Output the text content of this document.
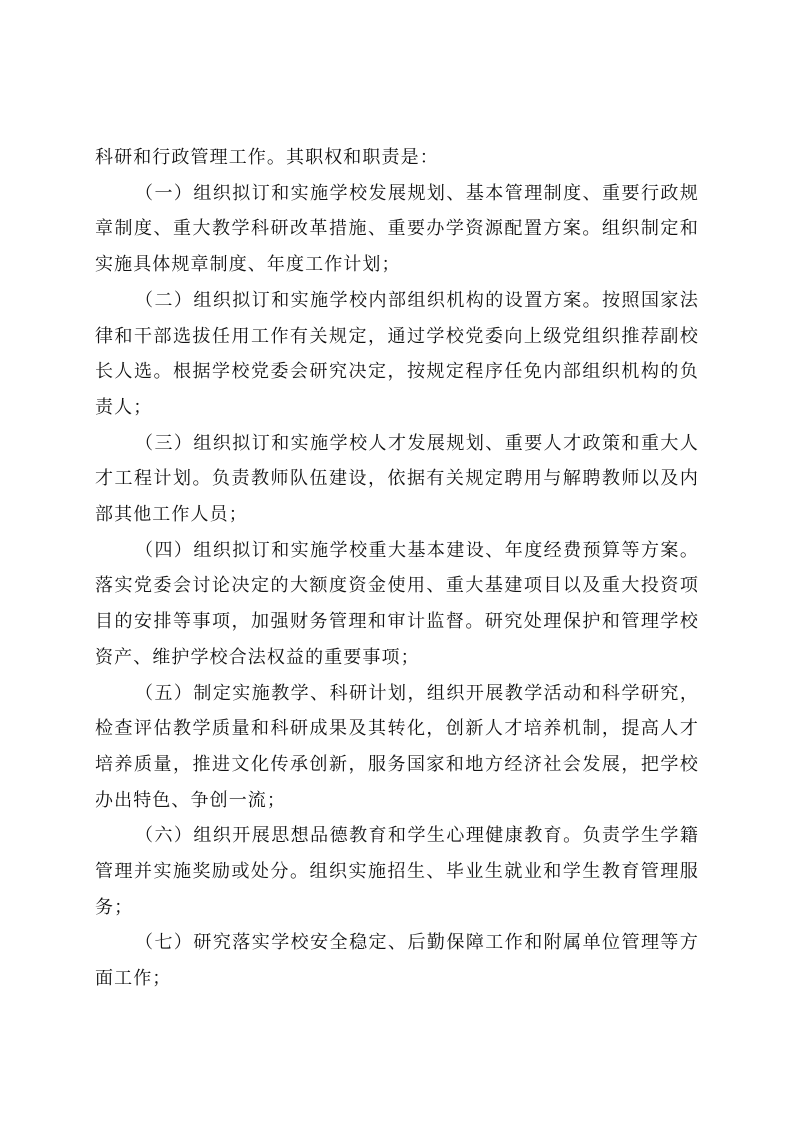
科研和行政管理工作。其职权和职责是：

（一）组织拟订和实施学校发展规划、基本管理制度、重要行政规章制度、重大教学科研改革措施、重要办学资源配置方案。组织制定和实施具体规章制度、年度工作计划；

（二）组织拟订和实施学校内部组织机构的设置方案。按照国家法律和干部选拔任用工作有关规定，通过学校党委向上级党组织推荐副校长人选。根据学校党委会研究决定，按规定程序任免内部组织机构的负责人；

（三）组织拟订和实施学校人才发展规划、重要人才政策和重大人才工程计划。负责教师队伍建设，依据有关规定聘用与解聘教师以及内部其他工作人员；

（四）组织拟订和实施学校重大基本建设、年度经费预算等方案。落实党委会讨论决定的大额度资金使用、重大基建项目以及重大投资项目的安排等事项，加强财务管理和审计监督。研究处理保护和管理学校资产、维护学校合法权益的重要事项；

（五）制定实施教学、科研计划，组织开展教学活动和科学研究，检查评估教学质量和科研成果及其转化，创新人才培养机制，提高人才培养质量，推进文化传承创新，服务国家和地方经济社会发展，把学校办出特色、争创一流；

（六）组织开展思想品德教育和学生心理健康教育。负责学生学籍管理并实施奖励或处分。组织实施招生、毕业生就业和学生教育管理服务；

（七）研究落实学校安全稳定、后勤保障工作和附属单位管理等方面工作；
